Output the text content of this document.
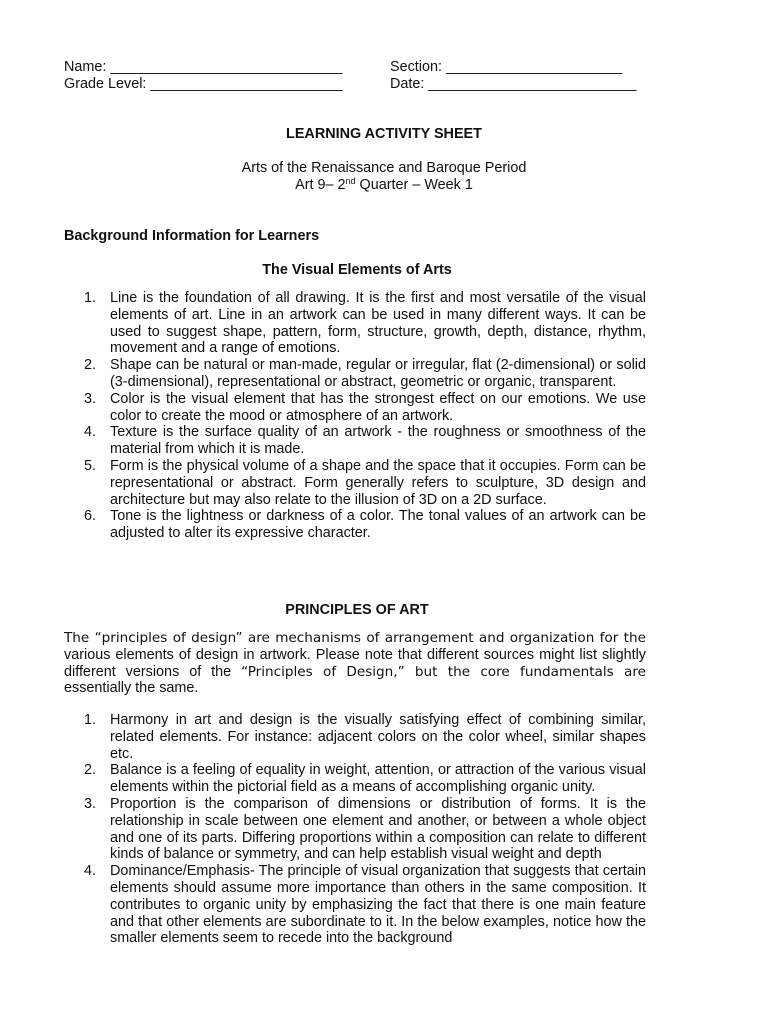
Name: _____________________________	Section: ______________________
Grade Level: ________________________	Date: __________________________
LEARNING ACTIVITY SHEET
Arts of the Renaissance and Baroque Period
Art 9– 2nd Quarter – Week 1
Background Information for Learners
The Visual Elements of Arts
1. Line is the foundation of all drawing. It is the first and most versatile of the visual elements of art. Line in an artwork can be used in many different ways. It can be used to suggest shape, pattern, form, structure, growth, depth, distance, rhythm, movement and a range of emotions.
2. Shape can be natural or man-made, regular or irregular, flat (2-dimensional) or solid (3-dimensional), representational or abstract, geometric or organic, transparent.
3. Color is the visual element that has the strongest effect on our emotions. We use color to create the mood or atmosphere of an artwork.
4. Texture is the surface quality of an artwork - the roughness or smoothness of the material from which it is made.
5. Form is the physical volume of a shape and the space that it occupies. Form can be representational or abstract. Form generally refers to sculpture, 3D design and architecture but may also relate to the illusion of 3D on a 2D surface.
6. Tone is the lightness or darkness of a color. The tonal values of an artwork can be adjusted to alter its expressive character.
PRINCIPLES OF ART

The “principles of design” are mechanisms of arrangement and organization for the various elements of design in artwork. Please note that different sources might list slightly different versions of the “Principles of Design,” but the core fundamentals are essentially the same.

1. Harmony in art and design is the visually satisfying effect of combining similar, related elements. For instance: adjacent colors on the color wheel, similar shapes etc.
2. Balance is a feeling of equality in weight, attention, or attraction of the various visual elements within the pictorial field as a means of accomplishing organic unity.
3. Proportion is the comparison of dimensions or distribution of forms. It is the relationship in scale between one element and another, or between a whole object and one of its parts. Differing proportions within a composition can relate to different kinds of balance or symmetry, and can help establish visual weight and depth
4. Dominance/Emphasis- The principle of visual organization that suggests that certain elements should assume more importance than others in the same composition. It contributes to organic unity by emphasizing the fact that there is one main feature and that other elements are subordinate to it. In the below examples, notice how the smaller elements seem to recede into the background
